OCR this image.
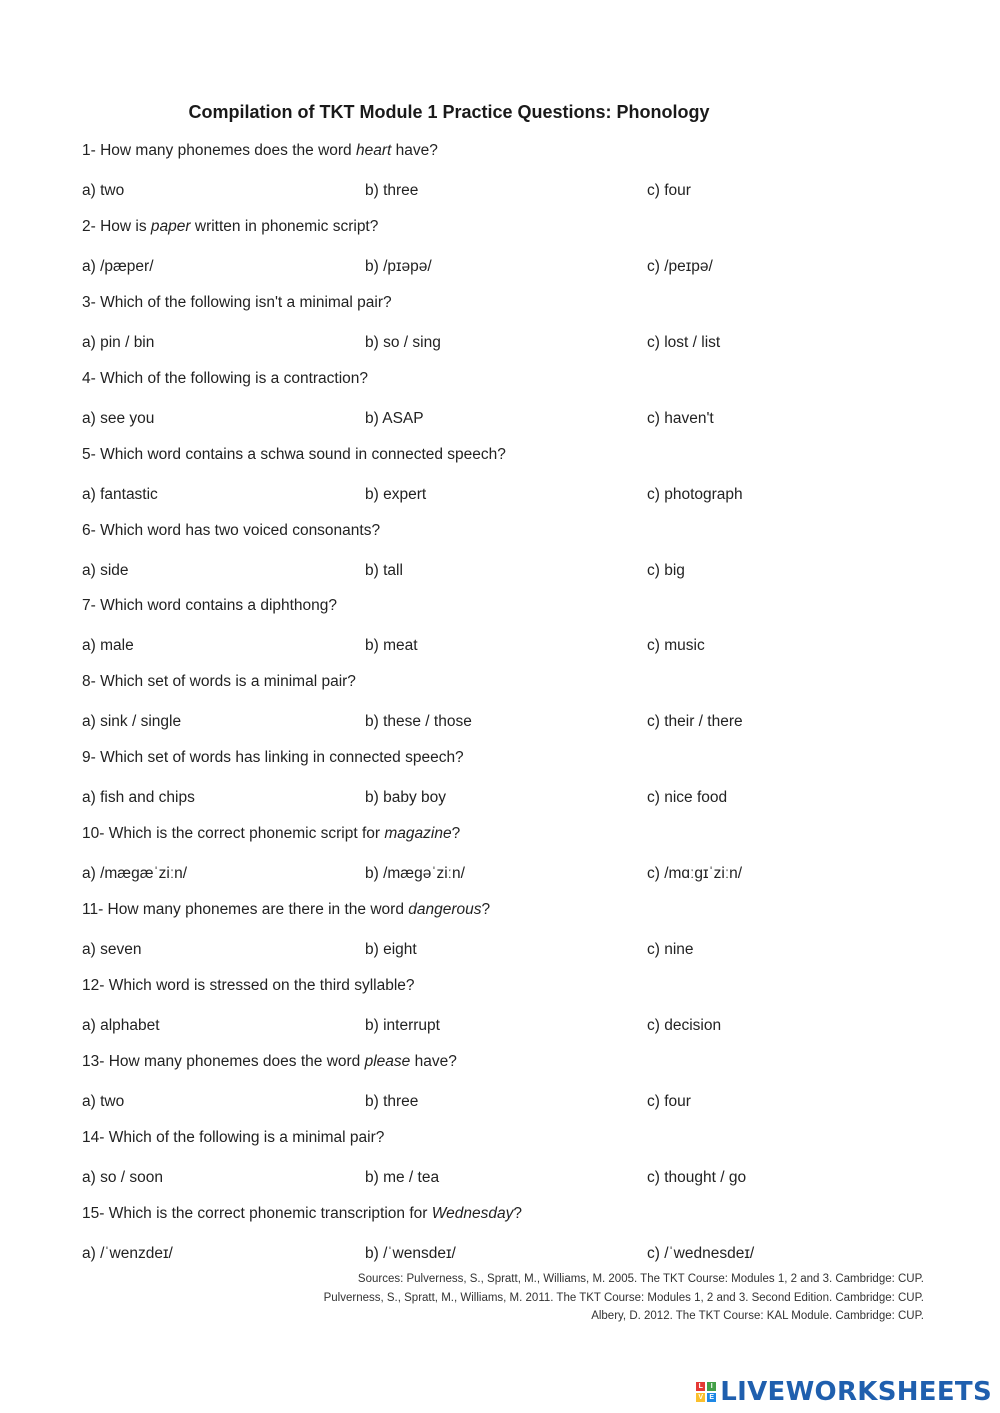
Compilation of TKT Module 1 Practice Questions: Phonology
1- How many phonemes does the word heart have?
a) two	b) three	c) four
2- How is paper written in phonemic script?
a) /pæper/	b) /pɪəpə/	c) /peɪpə/
3- Which of the following isn't a minimal pair?
a) pin / bin	b) so / sing	c) lost / list
4- Which of the following is a contraction?
a) see you	b) ASAP	c) haven't
5- Which word contains a schwa sound in connected speech?
a) fantastic	b) expert	c) photograph
6- Which word has two voiced consonants?
a) side	b) tall	c) big
7- Which word contains a diphthong?
a) male	b) meat	c) music
8- Which set of words is a minimal pair?
a) sink / single	b) these / those	c) their / there
9- Which set of words has linking in connected speech?
a) fish and chips	b) baby boy	c) nice food
10- Which is the correct phonemic script for magazine?
a) /mægæˈziːn/	b) /mægəˈziːn/	c) /mɑːgɪˈziːn/
11- How many phonemes are there in the word dangerous?
a) seven	b) eight	c) nine
12- Which word is stressed on the third syllable?
a) alphabet	b) interrupt	c) decision
13- How many phonemes does the word please have?
a) two	b) three	c) four
14- Which of the following is a minimal pair?
a) so / soon	b) me / tea	c) thought / go
15- Which is the correct phonemic transcription for Wednesday?
a) /ˈwenzdeɪ/	b) /ˈwensdeɪ/	c) /ˈwednesdeɪ/
Sources: Pulverness, S., Spratt, M., Williams, M. 2005. The TKT Course: Modules 1, 2 and 3. Cambridge: CUP.
Pulverness, S., Spratt, M., Williams, M. 2011. The TKT Course: Modules 1, 2 and 3. Second Edition. Cambridge: CUP.
Albery, D. 2012. The TKT Course: KAL Module. Cambridge: CUP.
L	I
V E LIVEWORKSHEETS
